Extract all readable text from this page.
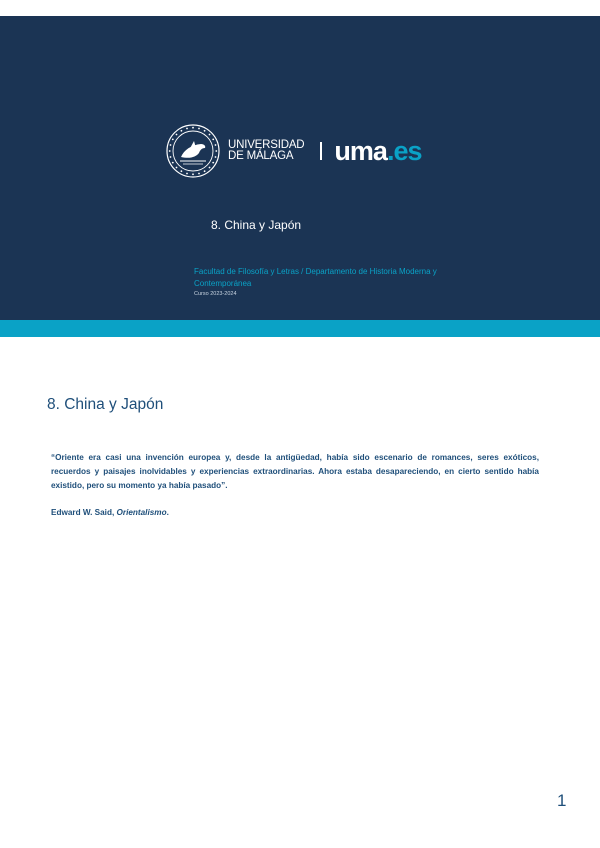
UNIVERSIDAD
DE MÁLAGA	uma.es
8. China y Japón
Facultad de Filosofía y Letras / Departamento de Historia Moderna y Contemporánea
Curso 2023-2024
8. China y Japón

“Oriente era casi una invención europea y, desde la antigüedad, había sido escenario de romances, seres exóticos, recuerdos y paisajes inolvidables y experiencias extraordinarias. Ahora estaba desapareciendo, en cierto sentido había existido, pero su momento ya había pasado”.

Edward W. Said, Orientalismo.
1
